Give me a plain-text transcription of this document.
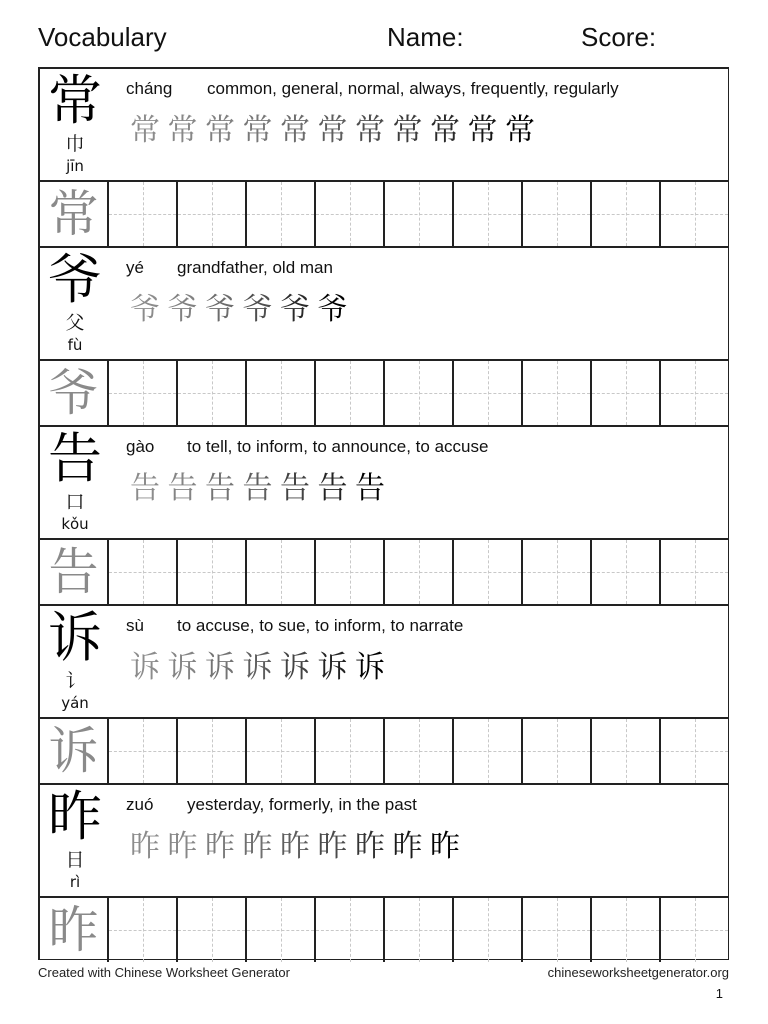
Vocabulary	Name:	Score:
常
巾
jīn
cháng common, general, normal, always, frequently, regularly
常 常 常 常 常 常 常 常 常 常 常
常
爷
父
fù
yé grandfather, old man
爷 爷 爷 爷 爷 爷
爷
告
口
kǒu
gào to tell, to inform, to announce, to accuse
告 告 告 告 告 告 告
告
诉
讠
yán
sù to accuse, to sue, to inform, to narrate
诉 诉 诉 诉 诉 诉 诉
诉
昨
日
rì
zuó yesterday, formerly, in the past
昨 昨 昨 昨 昨 昨 昨 昨 昨
昨
Created with Chinese Worksheet Generator	chineseworksheetgenerator.org
1
